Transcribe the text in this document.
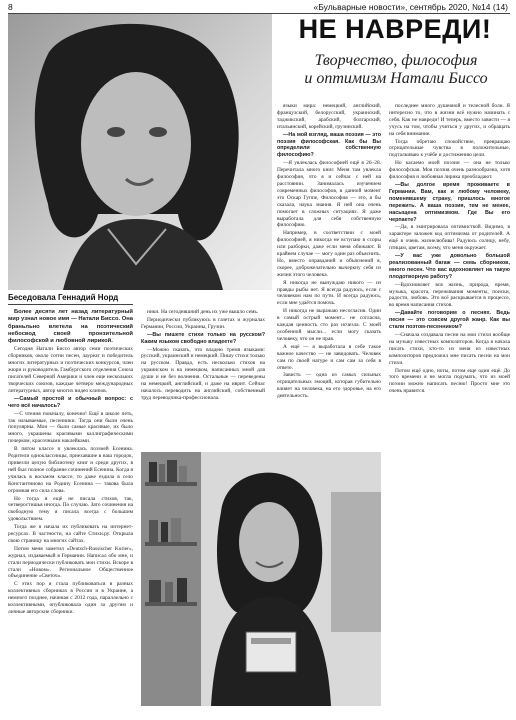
8	«Бульварные новости», сентябрь 2020, №14 (14)
Беседовала Геннадий Норд
НЕ НАВРЕДИ!
Творчество, философия
и оптимизм Натали Биссо

Более десяти лет назад литературный мир узнал новое имя — Натали Биссо. Она браньльно влетела на поэтический небосвод своей пронзительной философской и любовной лирикой.

Сегодня Натали Биссо автор семи поэтических сборников, около сотни песен, лауреат и победитель многих литературных и поэтических конкурсов, член жюри и руководитель Гамбургского отделения Союза писателей Северной Америки и член еще нескольких творческих союзов, каждые четверо международных литературных, автор многих видео клипов.

—Самый простой и обычный вопрос: с чего всё началось?

—С чтения поначалу, конечно! Ещё в школе петь, так называемые, песенники. Тогда они были очень популярны. Мои — были самые красивые, их было много, украшены красивыми каллиграфическими почерком, красочными наклейками.

В пятом классе я увлеклась поэзией Есенина. Родители одноклассницы, приехавшие в наш городок, привезли целую библиотеку книг и среди других, в ней был полное собрание сочинений Есенина. Когда я училась в восьмом классе, то даже ездила в село Константиново на Родину Есенина — такова была огромная его сила слова.

Но тогда я ещё не писала стихов, так, четверостишья иногда. По случаю. Зато сочинения на свободную тему я писала всегда с большим удовольствием.

Тогда же я начала их публиковать на интернет-ресурсах. В частности, на сайте Стихи.ру. Открыла свою страницу на многих сайтах.

Потом меня заметил «Deutsch-Russischer Kurier», журнал, издаваемый в Германии. Написал обо мне, и стали периодически публиковать мои стихи. Вскоре в стали «Новом». Региональное Общественное объединение «Светоч».

С этих пор я стала публиковаться в разных коллективных сборниках в России и в Украине, а немного позднее, начиная с 2012 года, параллельно с коллективными, опубликовала один за другим и личные авторские сборники.

ники. На сегодняшний день их уже вышло семь.

Периодически публикуюсь в газетах и журналах Германии, России, Украины, Грузии.

—Вы пишете стихи только на русском? Каким языком свободно владеете?

—Можно сказать, что владею тремя языками: русский, украинский и немецкий. Пишу стихи только на русском. Правда, есть несколько стихов на украинском и на немецком, написанных мной для души и не без волнения. Остальные — переведены на немецкий, английский, и даже на иврит. Сейчас началось переводить на английский, собственный труд переводчика-профессионала.

языки мира: немецкий, английский, французский, белорусский, украинский, таджикский, арабский, болгарский, итальянский, корейский, грузинский.

—На мой взгляд, ваша поэзия — это поэзия философская. Как бы Вы определили собственную философию?

—Я увлеклась философией ещё в 26–28. Перечитала много книг. Меня там увлекла философия, что я и сейчас с ней на расстоянии. Занималась изучением современных философов, в данной момент это Оскар Гуппе, Философия — это, я бы сказала, наука знания. Я ней она очень помогает в сложных ситуациях. Я даже выработала для себя собственную философию.

Например, в соответствии с моей философией, я никогда не вступаю в ссоры или разборки, даже если меня обижают. В крайнем случае — могу один раз объяснить. Но, вместо оправданий и объяснений я, скорее, доброжелательно вычеркну себя из жизни этого человека.

Я никогда не вынуждаю никого — из правды рыбы нет. Я всегда радуюсь, если с человеком нам по пути. И всегда радуюсь, если мне удаётся помочь.

И никогда не выражаю несогласия. Один в самый острый момент... не согласна, каждая ценность сто раз исчезла. С моей особенной мысли... если могу сказать человеку, что он не прав.

А ещё — я выработала в себе такое важное качество — не завидовать. Человек сам по своей натуре и сам сам за себя в ответе.

Зависть — одна из самых сильных отрицательных эмоций, которая губительно влияет на человека, на его здоровье, на его деятельность.

последнее много душевной и телесной боли. Я интересно то, что в жизни всё нужно начинать с себя. Как не навреди! И теперь, вместо зависти — я учусь на том, чтобы учиться у других, и обращать на себя внимание.

Тогда обретаю спокойствие, превращаю отрицательные чувства в положительные, подталкиваю к учёбе и достижению цели.

Но касаемо моей поэзии — она не только философская. Моя поэзия очень разнообразна, хотя философия и любовная лирика преобладают.

—Вы долгое время проживаете в Германии. Вам, как и любому человеку, поменявшему страну, пришлось многое пережить. А ваша поэзия, тем не менее, насыщена оптимизмом. Где Вы его черпаете?

—Да, я эмигрировала оптимисткой. Видимо, в характере заложен код оптимизма от родителей. А ещё в очень жизнелюбива! Радуюсь солнцу, небу, птицам, цветам, всему, что меня окружает.

—У вас уже довольно большой реализованный багаж — семь сборников, много песен. Что вас вдохновляет на такую плодотворную работу?

—Вдохновляет вся жизнь, природа, время, музыка, красота, переживания моменты, поиски, радости, любовь. Это всё раскрывается в процессе, во время написания стихов.

—Давайте поговорим о песнях. Ведь песня — это совсем другой жанр. Как вы стали поэтом-песенником?

—Сначала создавала песни на мои стихи вообще на музыку известных композиторов. Когда я начала писать стихи, кто-то из меня из известных композиторов предложил мне писать песни на мои стихи.

Потом ещё одно, ноты, потом еще один ещё. До того времени я не могла подумать, что из моей поэзии можно написать песню! Просто мне это очень нравится.
